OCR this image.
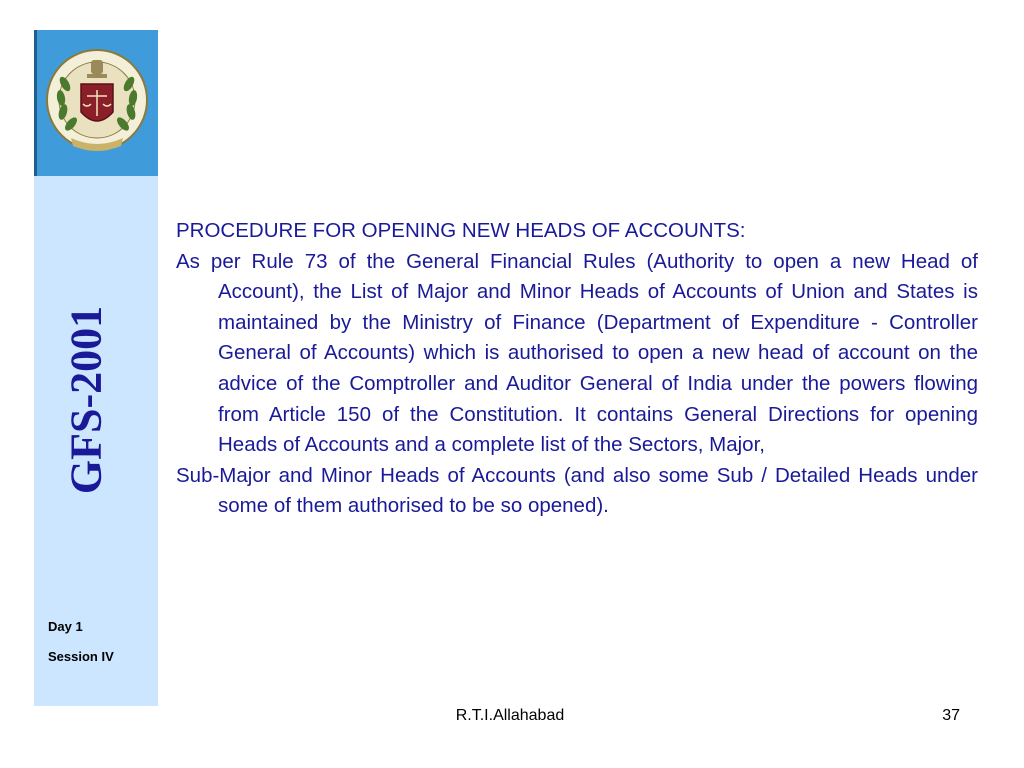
GFS-2001
Day 1
Session IV

PROCEDURE FOR OPENING NEW HEADS OF ACCOUNTS:

As per Rule 73 of the General Financial Rules (Authority to open a new Head of Account), the List of Major and Minor Heads of Accounts of Union and States is maintained by the Ministry of Finance (Department of Expenditure - Controller General of Accounts) which is authorised to open a new head of account on the advice of the Comptroller and Auditor General of India under the powers flowing from Article 150 of the Constitution. It contains General Directions for opening Heads of Accounts and a complete list of the Sectors, Major,

Sub-Major and Minor Heads of Accounts (and also some Sub / Detailed Heads under some of them authorised to be so opened).

R.T.I.Allahabad	37
